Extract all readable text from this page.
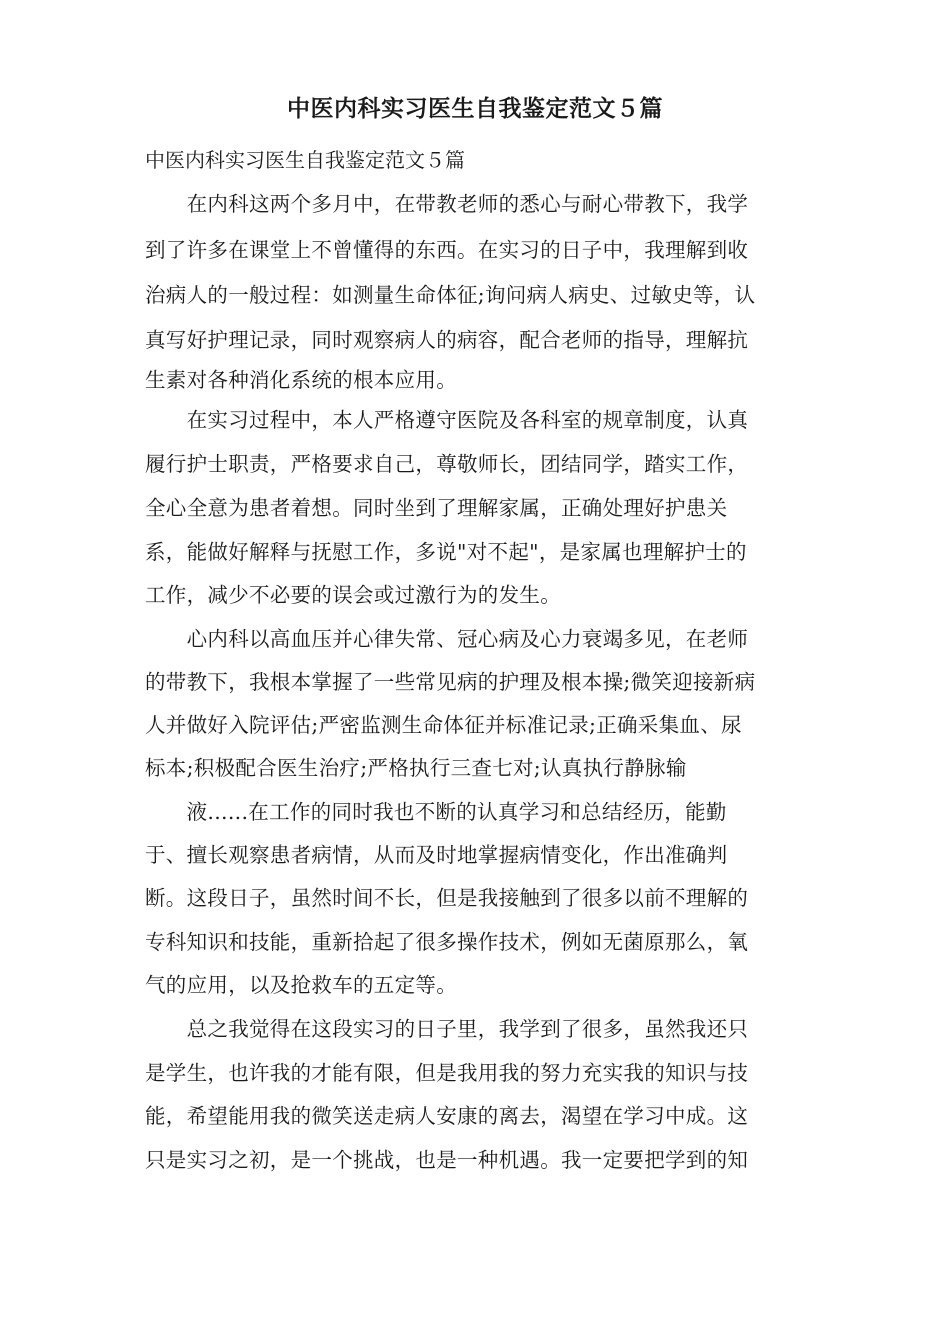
中医内科实习医生自我鉴定范文５篇
中医内科实习医生自我鉴定范文５篇
　　在内科这两个多月中，在带教老师的悉心与耐心带教下，我学
到了许多在课堂上不曾懂得的东西。在实习的日子中，我理解到收
治病人的一般过程：如测量生命体征;询问病人病史、过敏史等，认
真写好护理记录，同时观察病人的病容，配合老师的指导，理解抗
生素对各种消化系统的根本应用。
　　在实习过程中，本人严格遵守医院及各科室的规章制度，认真
履行护士职责，严格要求自己，尊敬师长，团结同学，踏实工作，
全心全意为患者着想。同时坐到了理解家属，正确处理好护患关
系，能做好解释与抚慰工作，多说"对不起"，是家属也理解护士的
工作，减少不必要的误会或过激行为的发生。
　　心内科以高血压并心律失常、冠心病及心力衰竭多见，在老师
的带教下，我根本掌握了一些常见病的护理及根本操;微笑迎接新病
人并做好入院评估;严密监测生命体征并标准记录;正确采集血、尿
标本;积极配合医生治疗;严格执行三查七对;认真执行静脉输
　　液......在工作的同时我也不断的认真学习和总结经历，能勤
于、擅长观察患者病情，从而及时地掌握病情变化，作出准确判
断。这段日子，虽然时间不长，但是我接触到了很多以前不理解的
专科知识和技能，重新拾起了很多操作技术，例如无菌原那么，氧
气的应用，以及抢救车的五定等。
　　总之我觉得在这段实习的日子里，我学到了很多，虽然我还只
是学生，也许我的才能有限，但是我用我的努力充实我的知识与技
能，希望能用我的微笑送走病人安康的离去，渴望在学习中成。这
只是实习之初，是一个挑战，也是一种机遇。我一定要把学到的知
